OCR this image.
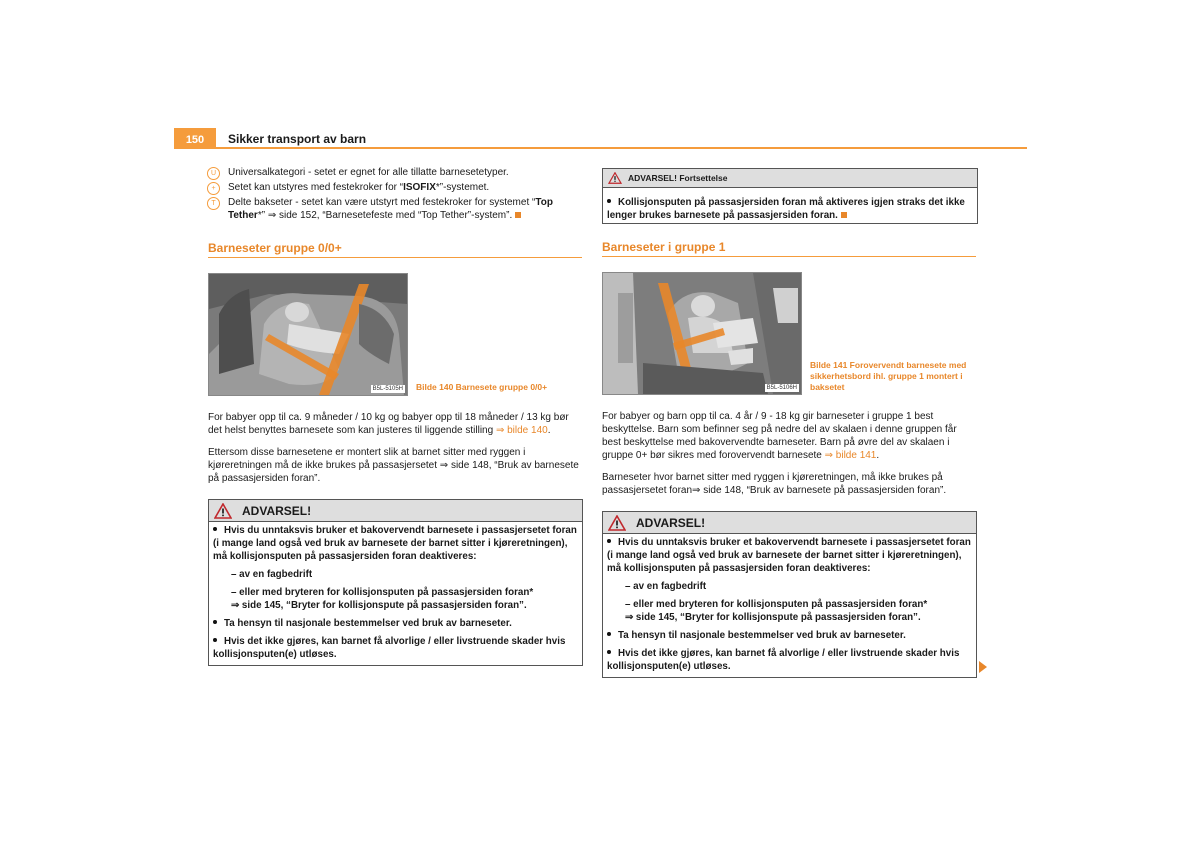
150	Sikker transport av barn
U	Universalkategori - setet er egnet for alle tillatte barnesetetyper.
+	Setet kan utstyres med festekroker for “ISOFIX*”-systemet.
T	Delte bakseter - setet kan være utstyrt med festekroker for systemet “Top
Tether*” ⇒ side 152, “Barnesetefeste med “Top Tether”-system”.
Barneseter gruppe 0/0+
B5L-5105H Bilde 140 Barnesete gruppe 0/0+
For babyer opp til ca. 9 måneder / 10 kg og babyer opp til 18 måneder / 13 kg bør det helst benyttes barnesete som kan justeres til liggende stilling ⇒ bilde 140.
Ettersom disse barnesetene er montert slik at barnet sitter med ryggen i kjøreretningen må de ikke brukes på passasjersetet ⇒ side 148, “Bruk av barnesete på passasjersiden foran”.
ADVARSEL!

Hvis du unntaksvis bruker et bakovervendt barnesete i passasjersetet foran (i mange land også ved bruk av barnesete der barnet sitter i kjøreretningen), må kollisjonsputen på passasjersiden foran deaktiveres:

– av en fagbedrift

– eller med bryteren for kollisjonsputen på passasjersiden foran*

⇒ side 145, “Bryter for kollisjonspute på passasjersiden foran”.

Ta hensyn til nasjonale bestemmelser ved bruk av barneseter.

Hvis det ikke gjøres, kan barnet få alvorlige / eller livstruende skader hvis kollisjonsputen(e) utløses.

ADVARSEL! Fortsettelse

Kollisjonsputen på passasjersiden foran må aktiveres igjen straks det ikke lenger brukes barnesete på passasjersiden foran.

Barneseter i gruppe 1
B5L-5106H
Bilde 141 Forovervendt barnesete med sikkerhetsbord ihl. gruppe 1 montert i baksetet
For babyer og barn opp til ca. 4 år / 9 - 18 kg gir barneseter i gruppe 1 best beskyttelse. Barn som befinner seg på nedre del av skalaen i denne gruppen får best beskyttelse med bakovervendte barneseter. Barn på øvre del av skalaen i gruppe 0+ bør sikres med forovervendt barnesete ⇒ bilde 141.
Barneseter hvor barnet sitter med ryggen i kjøreretningen, må ikke brukes på passasjersetet foran⇒ side 148, “Bruk av barnesete på passasjersiden foran”.
ADVARSEL!

Hvis du unntaksvis bruker et bakovervendt barnesete i passasjersetet foran (i mange land også ved bruk av barnesete der barnet sitter i kjøreretningen), må kollisjonsputen på passasjersiden foran deaktiveres:

– av en fagbedrift

– eller med bryteren for kollisjonsputen på passasjersiden foran*

⇒ side 145, “Bryter for kollisjonspute på passasjersiden foran”.

Ta hensyn til nasjonale bestemmelser ved bruk av barneseter.

Hvis det ikke gjøres, kan barnet få alvorlige / eller livstruende skader hvis kollisjonsputen(e) utløses.
